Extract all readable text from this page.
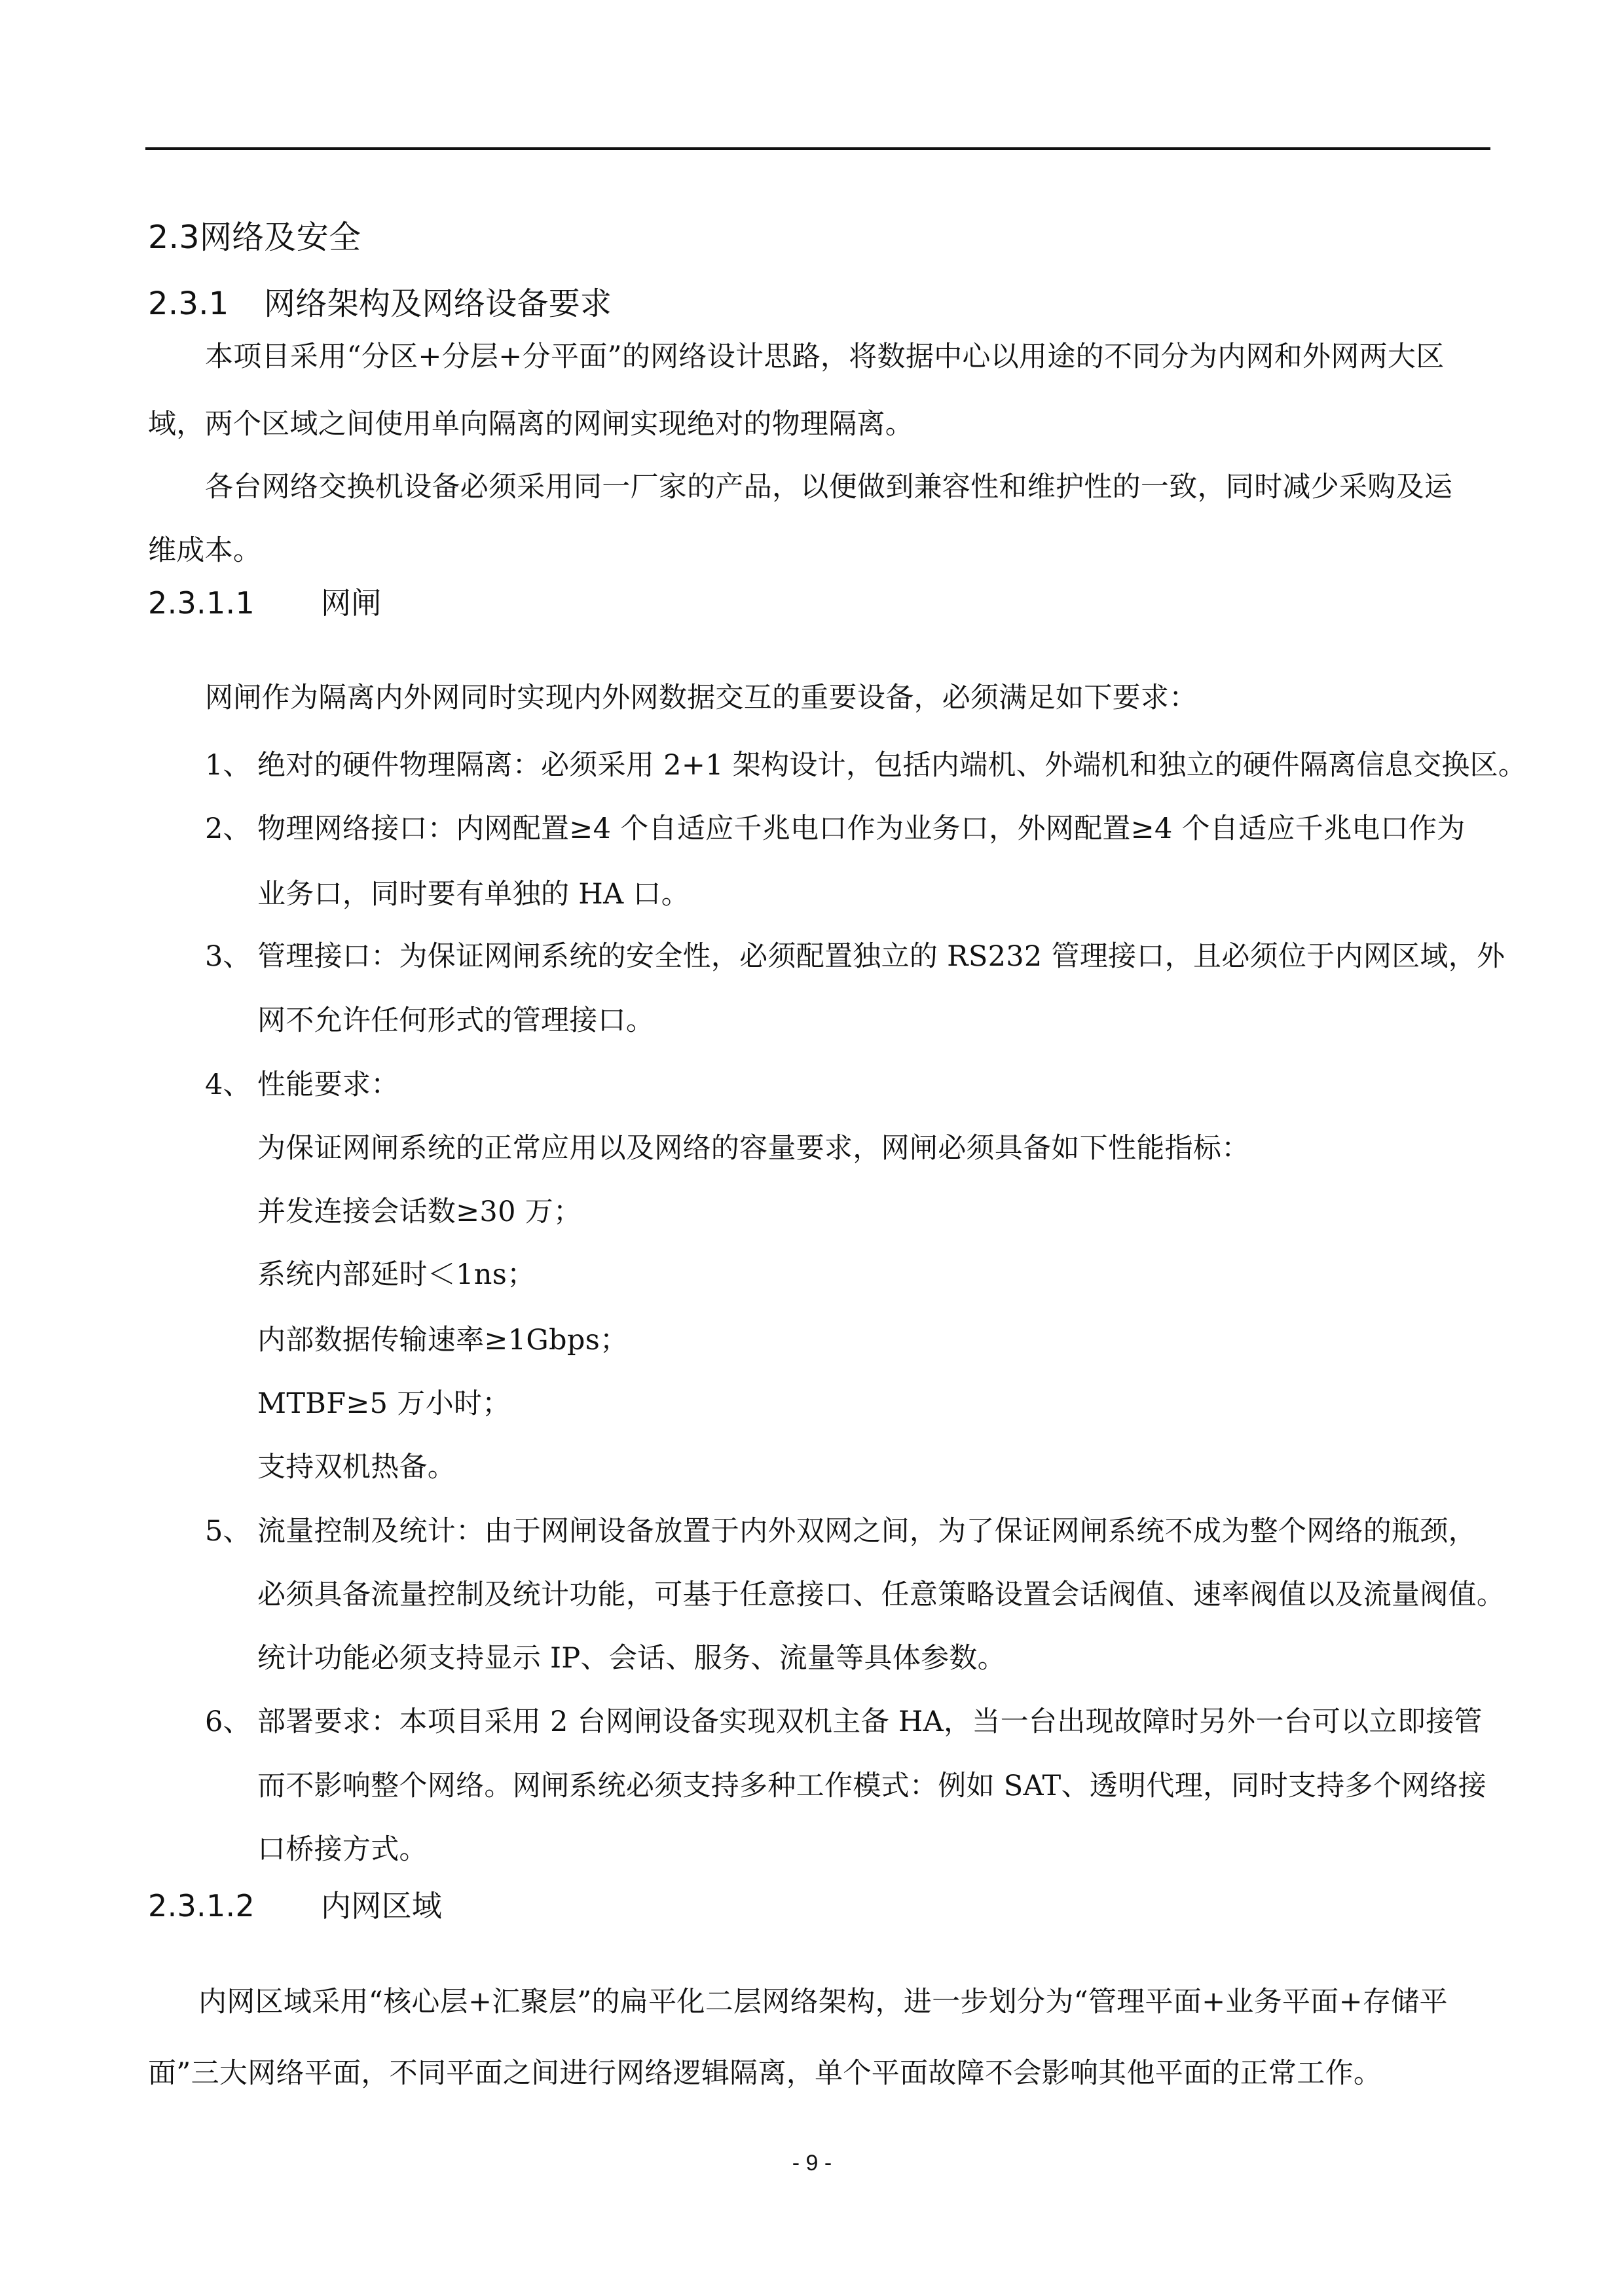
2.3网络及安全
2.3.1 网络架构及网络设备要求
本项目采用“分区+分层+分平面”的网络设计思路，将数据中心以用途的不同分为内网和外网两大区
域，两个区域之间使用单向隔离的网闸实现绝对的物理隔离。
各台网络交换机设备必须采用同一厂家的产品，以便做到兼容性和维护性的一致，同时减少采购及运
维成本。
2.3.1.1 网闸
网闸作为隔离内外网同时实现内外网数据交互的重要设备，必须满足如下要求：
1、 绝对的硬件物理隔离：必须采用 2+1 架构设计，包括内端机、外端机和独立的硬件隔离信息交换区。
2、 物理网络接口：内网配置≥4 个自适应千兆电口作为业务口，外网配置≥4 个自适应千兆电口作为
业务口，同时要有单独的 HA 口。
3、 管理接口：为保证网闸系统的安全性，必须配置独立的 RS232 管理接口，且必须位于内网区域，外
网不允许任何形式的管理接口。
4、 性能要求：
为保证网闸系统的正常应用以及网络的容量要求，网闸必须具备如下性能指标：
并发连接会话数≥30 万；
系统内部延时＜1ns；
内部数据传输速率≥1Gbps；
MTBF≥5 万小时；
支持双机热备。
5、 流量控制及统计：由于网闸设备放置于内外双网之间，为了保证网闸系统不成为整个网络的瓶颈，
必须具备流量控制及统计功能，可基于任意接口、任意策略设置会话阀值、速率阀值以及流量阀值。
统计功能必须支持显示 IP、会话、服务、流量等具体参数。
6、 部署要求：本项目采用 2 台网闸设备实现双机主备 HA，当一台出现故障时另外一台可以立即接管
而不影响整个网络。网闸系统必须支持多种工作模式：例如 SAT、透明代理，同时支持多个网络接
口桥接方式。
2.3.1.2 内网区域
内网区域采用“核心层+汇聚层”的扁平化二层网络架构，进一步划分为“管理平面+业务平面+存储平
面”三大网络平面，不同平面之间进行网络逻辑隔离，单个平面故障不会影响其他平面的正常工作。
- 9 -
